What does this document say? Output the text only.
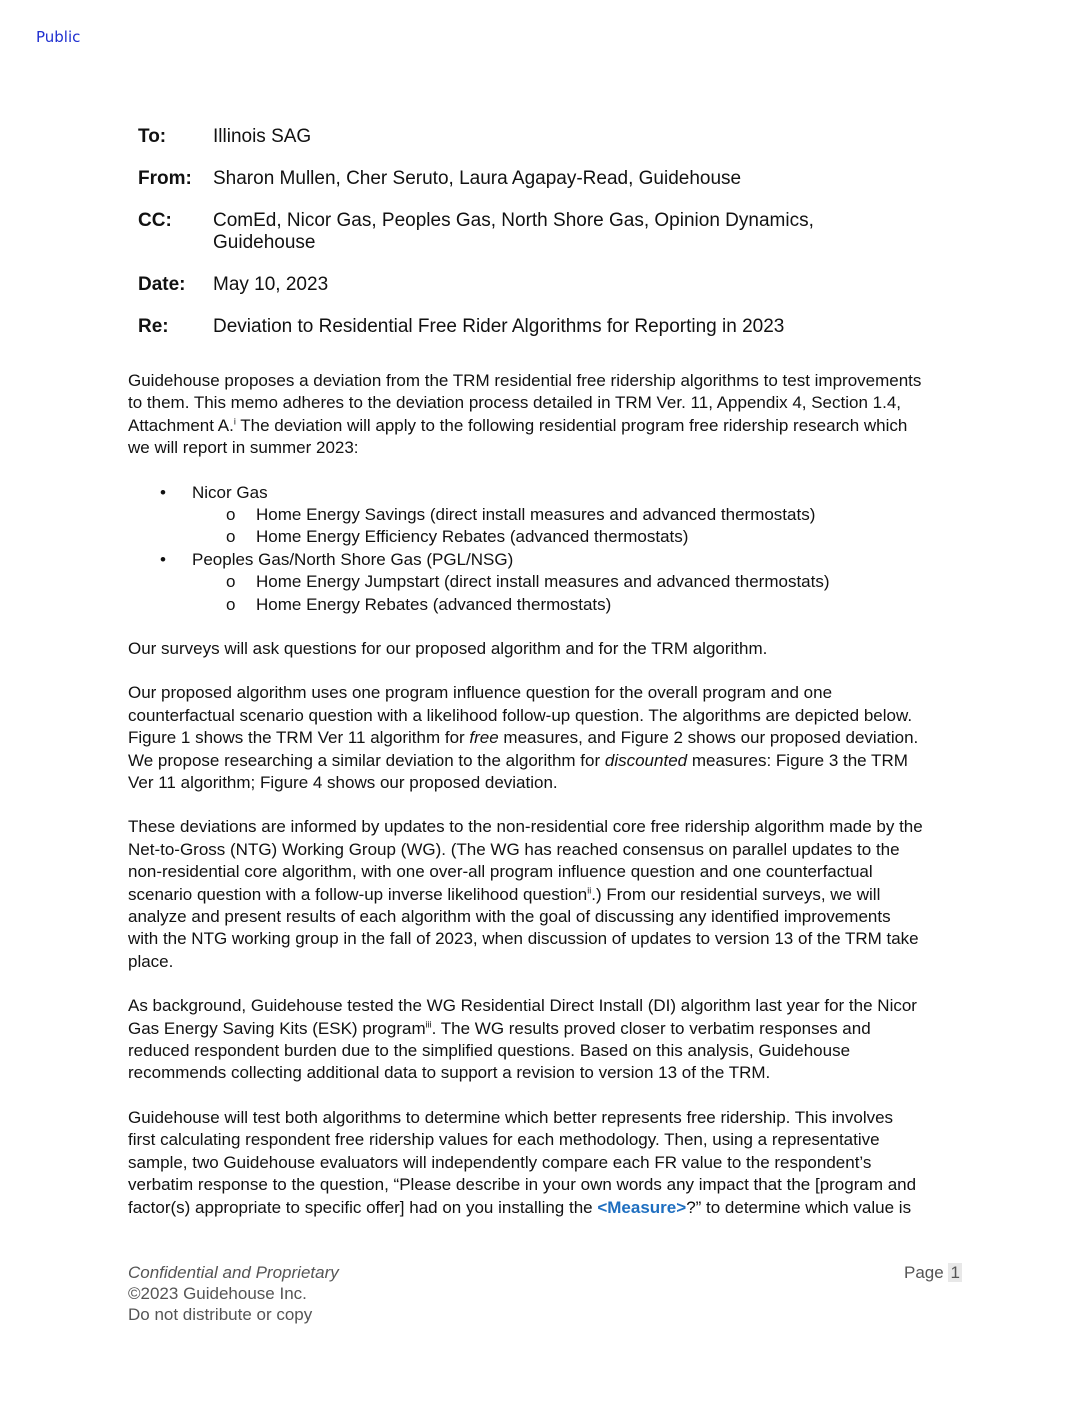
Public
To:	Illinois SAG
From:	Sharon Mullen, Cher Seruto, Laura Agapay-Read, Guidehouse
CC:	ComEd, Nicor Gas, Peoples Gas, North Shore Gas, Opinion Dynamics,
Guidehouse
Date:	May 10, 2023
Re:	Deviation to Residential Free Rider Algorithms for Reporting in 2023
Guidehouse proposes a deviation from the TRM residential free ridership algorithms to test improvements
to them. This memo adheres to the deviation process detailed in TRM Ver. 11, Appendix 4, Section 1.4,
Attachment A.$^i$ The deviation will apply to the following residential program free ridership research which
we will report in summer 2023:
•	Nicor Gas
o	Home Energy Savings (direct install measures and advanced thermostats)
o	Home Energy Efficiency Rebates (advanced thermostats)
•	Peoples Gas/North Shore Gas (PGL/NSG)
o	Home Energy Jumpstart (direct install measures and advanced thermostats)
o	Home Energy Rebates (advanced thermostats)
Our surveys will ask questions for our proposed algorithm and for the TRM algorithm.
Our proposed algorithm uses one program influence question for the overall program and one
counterfactual scenario question with a likelihood follow-up question. The algorithms are depicted below.
Figure 1 shows the TRM Ver 11 algorithm for free measures, and Figure 2 shows our proposed deviation.
We propose researching a similar deviation to the algorithm for discounted measures: Figure 3 the TRM
Ver 11 algorithm; Figure 4 shows our proposed deviation.
These deviations are informed by updates to the non-residential core free ridership algorithm made by the
Net-to-Gross (NTG) Working Group (WG). (The WG has reached consensus on parallel updates to the
non-residential core algorithm, with one over-all program influence question and one counterfactual
scenario question with a follow-up inverse likelihood question$^{ii}$.) From our residential surveys, we will
analyze and present results of each algorithm with the goal of discussing any identified improvements
with the NTG working group in the fall of 2023, when discussion of updates to version 13 of the TRM take
place.
As background, Guidehouse tested the WG Residential Direct Install (DI) algorithm last year for the Nicor
Gas Energy Saving Kits (ESK) program$^{iii}$. The WG results proved closer to verbatim responses and
reduced respondent burden due to the simplified questions. Based on this analysis, Guidehouse
recommends collecting additional data to support a revision to version 13 of the TRM.
Guidehouse will test both algorithms to determine which better represents free ridership. This involves
first calculating respondent free ridership values for each methodology. Then, using a representative
sample, two Guidehouse evaluators will independently compare each FR value to the respondent’s
verbatim response to the question, “Please describe in your own words any impact that the [program and
factor(s) appropriate to specific offer] had on you installing the <Measure>?” to determine which value is
Confidential and Proprietary
©2023 Guidehouse Inc.
Do not distribute or copy
Page 1
